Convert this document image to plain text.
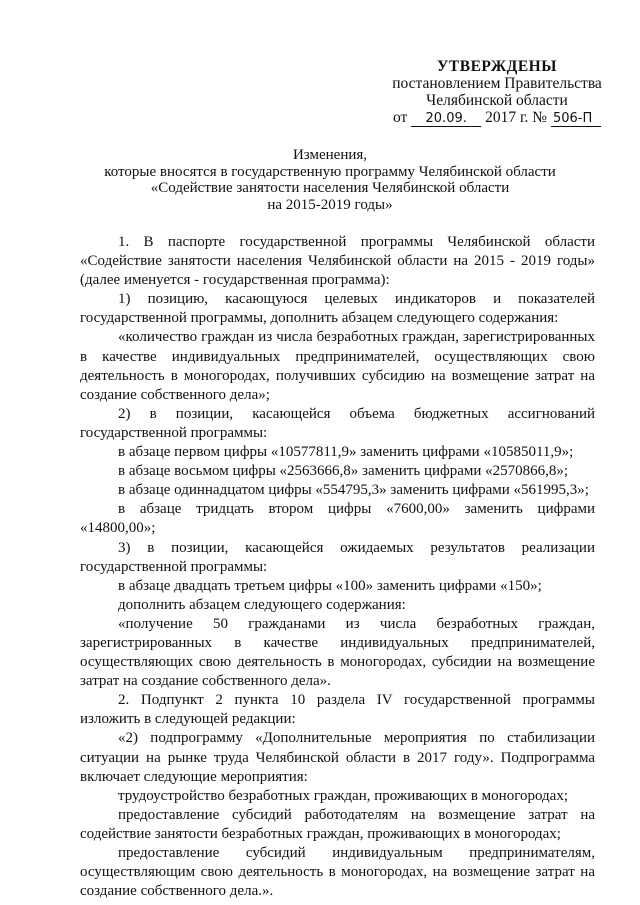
УТВЕРЖДЕНЫ
постановлением Правительства
Челябинской области
от 20.09. 2017 г. № 506-П
Изменения,
которые вносятся в государственную программу Челябинской области
«Содействие занятости населения Челябинской области
на 2015-2019 годы»

1. В паспорте государственной программы Челябинской области «Содействие занятости населения Челябинской области на 2015 - 2019 годы» (далее именуется - государственная программа):

1) позицию, касающуюся целевых индикаторов и показателей государственной программы, дополнить абзацем следующего содержания:

«количество граждан из числа безработных граждан, зарегистрированных в качестве индивидуальных предпринимателей, осуществляющих свою деятельность в моногородах, получивших субсидию на возмещение затрат на создание собственного дела»;

2) в позиции, касающейся объема бюджетных ассигнований государственной программы:

в абзаце первом цифры «10577811,9» заменить цифрами «10585011,9»;

в абзаце восьмом цифры «2563666,8» заменить цифрами «2570866,8»;

в абзаце одиннадцатом цифры «554795,3» заменить цифрами «561995,3»;

в абзаце тридцать втором цифры «7600,00» заменить цифрами «14800,00»;

3) в позиции, касающейся ожидаемых результатов реализации государственной программы:

в абзаце двадцать третьем цифры «100» заменить цифрами «150»;

дополнить абзацем следующего содержания:

«получение 50 гражданами из числа безработных граждан, зарегистрированных в качестве индивидуальных предпринимателей, осуществляющих свою деятельность в моногородах, субсидии на возмещение затрат на создание собственного дела».

2. Подпункт 2 пункта 10 раздела IV государственной программы изложить в следующей редакции:

«2) подпрограмму «Дополнительные мероприятия по стабилизации ситуации на рынке труда Челябинской области в 2017 году». Подпрограмма включает следующие мероприятия:

трудоустройство безработных граждан, проживающих в моногородах;

предоставление субсидий работодателям на возмещение затрат на содействие занятости безработных граждан, проживающих в моногородах;

предоставление субсидий индивидуальным предпринимателям, осуществляющим свою деятельность в моногородах, на возмещение затрат на создание собственного дела.».
